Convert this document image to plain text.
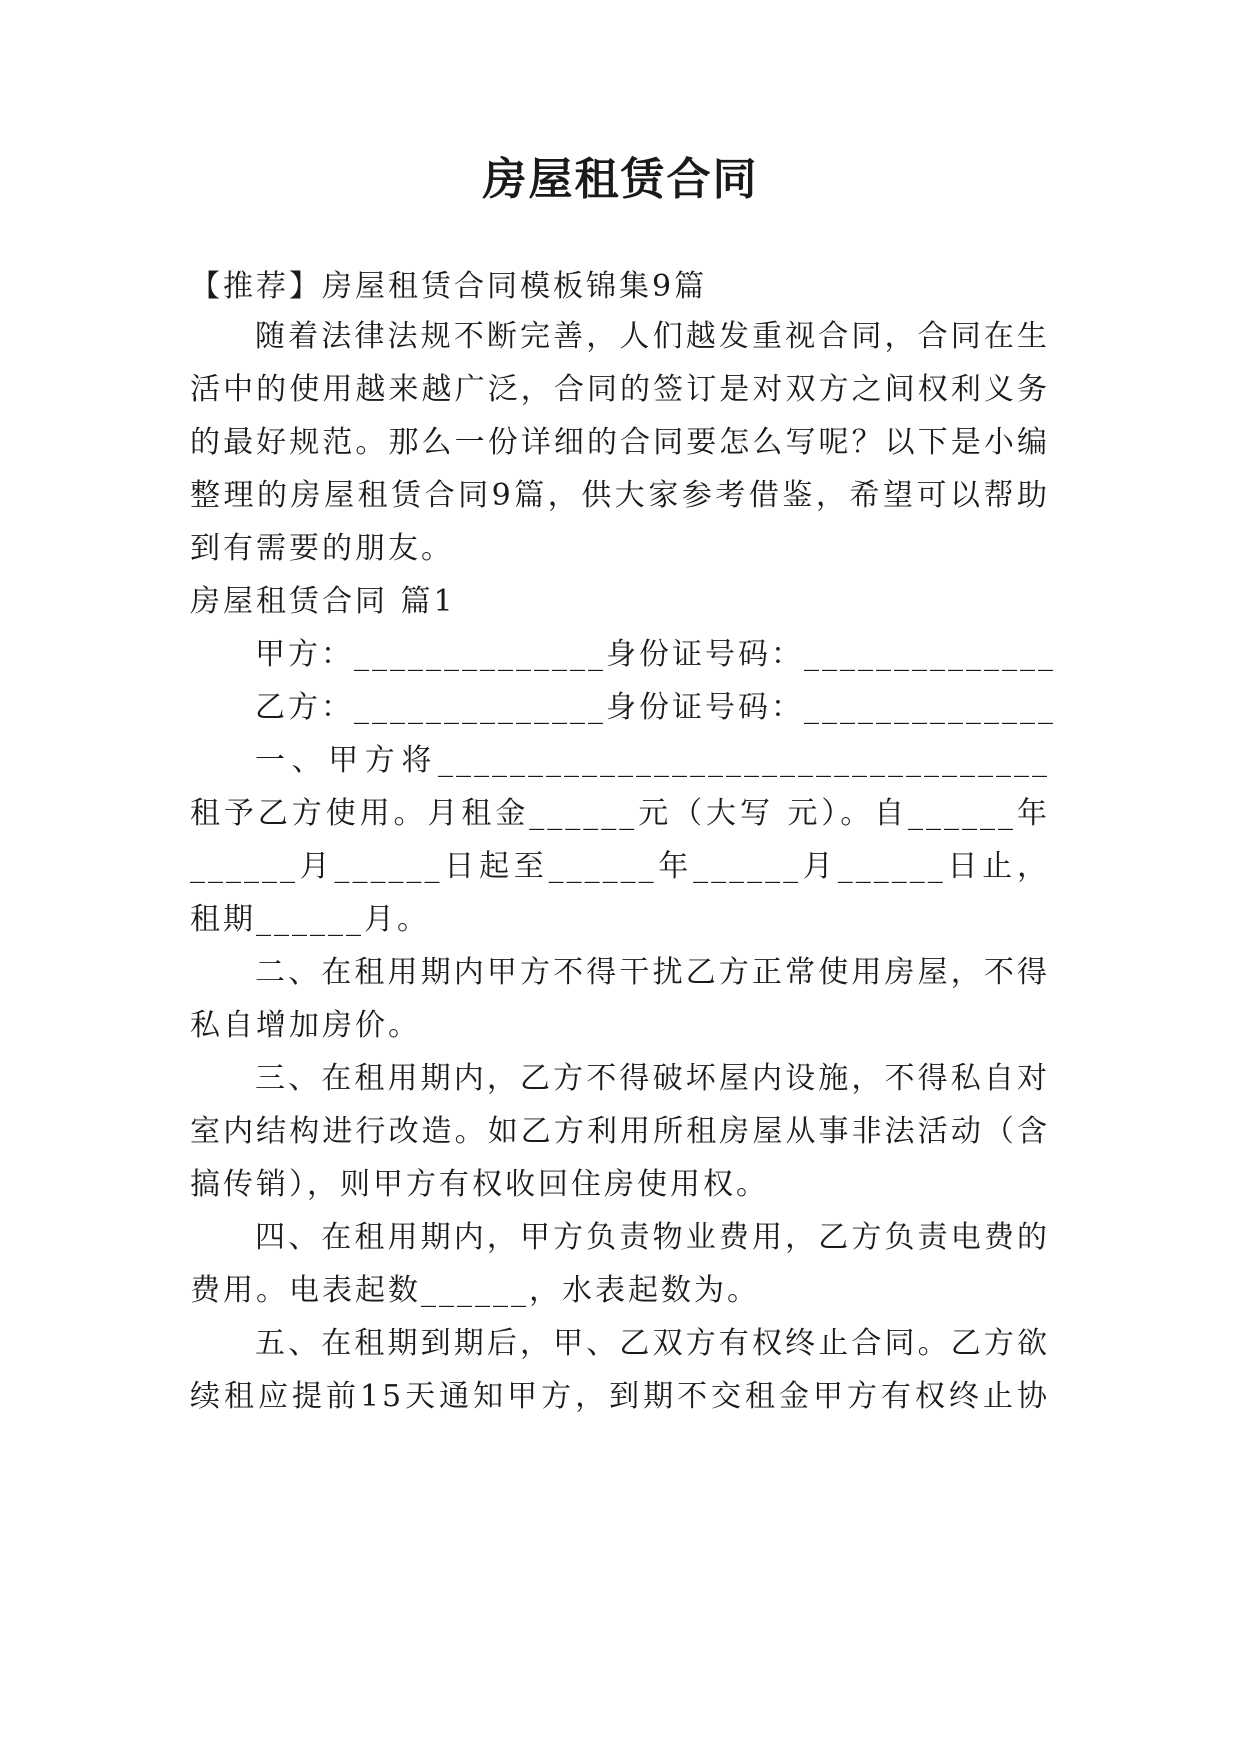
房屋租赁合同
【推荐】房屋租赁合同模板锦集9篇
随着法律法规不断完善，人们越发重视合同，合同在生
活中的使用越来越广泛，合同的签订是对双方之间权利义务
的最好规范。那么一份详细的合同要怎么写呢？以下是小编
整理的房屋租赁合同9篇，供大家参考借鉴，希望可以帮助
到有需要的朋友。
房屋租赁合同 篇1
甲方：______________身份证号码：______________
乙方：______________身份证号码：______________
一、甲方将__________________________________
租予乙方使用。月租金______元（大写 元）。自______年
______月______日起至______年______月______日止，
租期______月。
二、在租用期内甲方不得干扰乙方正常使用房屋，不得
私自增加房价。
三、在租用期内，乙方不得破坏屋内设施，不得私自对
室内结构进行改造。如乙方利用所租房屋从事非法活动（含
搞传销），则甲方有权收回住房使用权。
四、在租用期内，甲方负责物业费用，乙方负责电费的
费用。电表起数______，水表起数为。
五、在租期到期后，甲、乙双方有权终止合同。乙方欲
续租应提前15天通知甲方，到期不交租金甲方有权终止协
